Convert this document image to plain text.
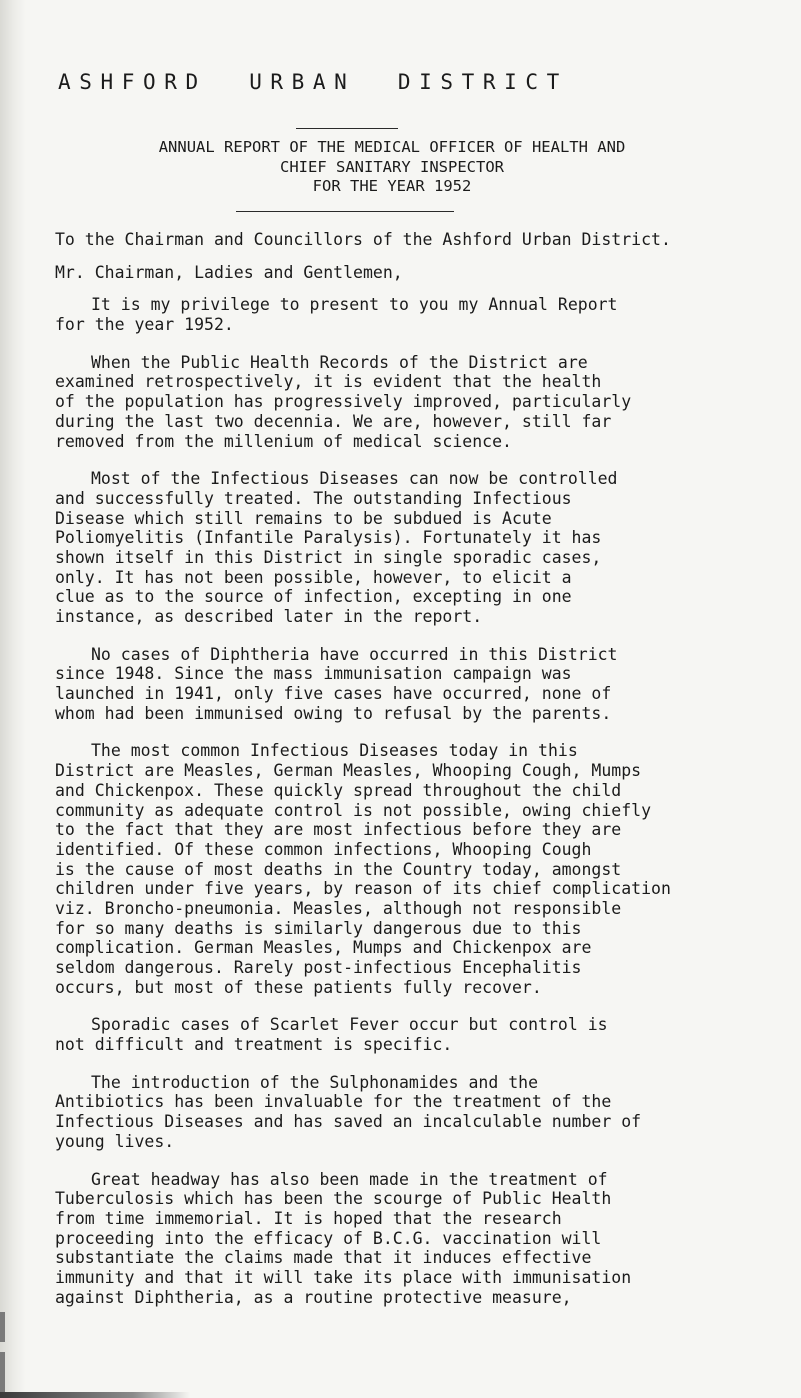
ASHFORD  URBAN  DISTRICT
ANNUAL REPORT OF THE MEDICAL OFFICER OF HEALTH AND
CHIEF SANITARY INSPECTOR
FOR THE YEAR 1952
To the Chairman and Councillors of the Ashford Urban District.
Mr. Chairman, Ladies and Gentlemen,
It is my privilege to present to you my Annual Report
for the year 1952.
When the Public Health Records of the District are
examined retrospectively, it is evident that the health
of the population has progressively improved, particularly
during the last two decennia. We are, however, still far
removed from the millenium of medical science.
Most of the Infectious Diseases can now be controlled
and successfully treated. The outstanding Infectious
Disease which still remains to be subdued is Acute
Poliomyelitis (Infantile Paralysis). Fortunately it has
shown itself in this District in single sporadic cases,
only. It has not been possible, however, to elicit a
clue as to the source of infection, excepting in one
instance, as described later in the report.
No cases of Diphtheria have occurred in this District
since 1948. Since the mass immunisation campaign was
launched in 1941, only five cases have occurred, none of
whom had been immunised owing to refusal by the parents.
The most common Infectious Diseases today in this
District are Measles, German Measles, Whooping Cough, Mumps
and Chickenpox. These quickly spread throughout the child
community as adequate control is not possible, owing chiefly
to the fact that they are most infectious before they are
identified. Of these common infections, Whooping Cough
is the cause of most deaths in the Country today, amongst
children under five years, by reason of its chief complication
viz. Broncho-pneumonia. Measles, although not responsible
for so many deaths is similarly dangerous due to this
complication. German Measles, Mumps and Chickenpox are
seldom dangerous. Rarely post-infectious Encephalitis
occurs, but most of these patients fully recover.
Sporadic cases of Scarlet Fever occur but control is
not difficult and treatment is specific.
The introduction of the Sulphonamides and the
Antibiotics has been invaluable for the treatment of the
Infectious Diseases and has saved an incalculable number of
young lives.
Great headway has also been made in the treatment of
Tuberculosis which has been the scourge of Public Health
from time immemorial. It is hoped that the research
proceeding into the efficacy of B.C.G. vaccination will
substantiate the claims made that it induces effective
immunity and that it will take its place with immunisation
against Diphtheria, as a routine protective measure,
